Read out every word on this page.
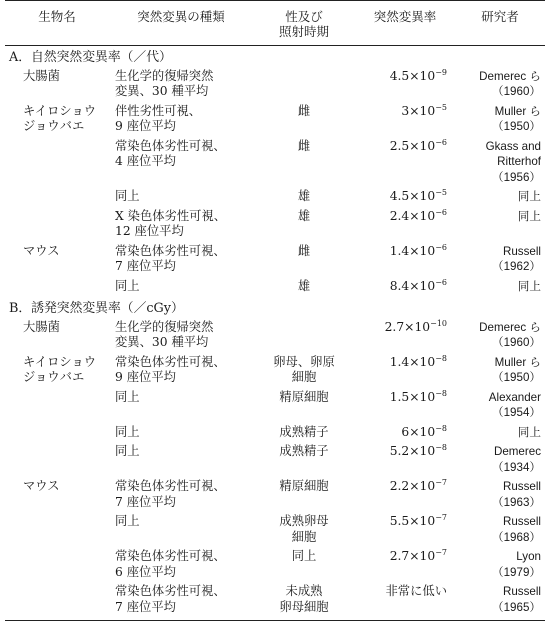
生物名	突然変異の種類	性及び
照射時期	突然変異率	研究者
A．自然突然変異率（／代）				
大腸菌	生化学的復帰突然
変異、30 種平均		$4.5\times 10^{-9}$	Demerec ら
（1960）

キイロショウジョウバエ	伴性劣性可視、
9 座位平均	雌	$3\times 10^{-5}$	Muller ら
（1950）

	常染色体劣性可視、
4 座位平均	雌	$2.5\times 10^{-6}$	Gkass and
Ritterhof
（1956）

	同上	雄	$4.5\times 10^{-5}$	同上

	X 染色体劣性可視、
12 座位平均	雄	$2.4\times 10^{-6}$	同上

マウス	常染色体劣性可視、
7 座位平均	雌	$1.4\times 10^{-6}$	Russell
（1962）

	同上	雄	$8.4\times 10^{-6}$	同上

B．誘発突然変異率（／cGy）				
大腸菌	生化学的復帰突然
変異、30 種平均		$2.7\times 10^{-10}$	Demerec ら
（1960）

キイロショウジョウバエ	常染色体劣性可視、
9 座位平均	卵母、卵原
細胞	$1.4\times 10^{-8}$	Muller ら
（1950）

	同上	精原細胞	$1.5\times 10^{-8}$	Alexander
（1954）

	同上	成熟精子	$6\times 10^{-8}$	同上

	同上	成熟精子	$5.2\times 10^{-8}$	Demerec
（1934）

マウス	常染色体劣性可視、
7 座位平均	精原細胞	$2.2\times 10^{-7}$	Russell
（1963）

	同上	成熟卵母
細胞	$5.5\times 10^{-7}$	Russell
（1968）

	常染色体劣性可視、
6 座位平均	同上	$2.7\times 10^{-7}$	Lyon
（1979）

	常染色体劣性可視、
7 座位平均	未成熟
卵母細胞	非常に低い	Russell
（1965）
